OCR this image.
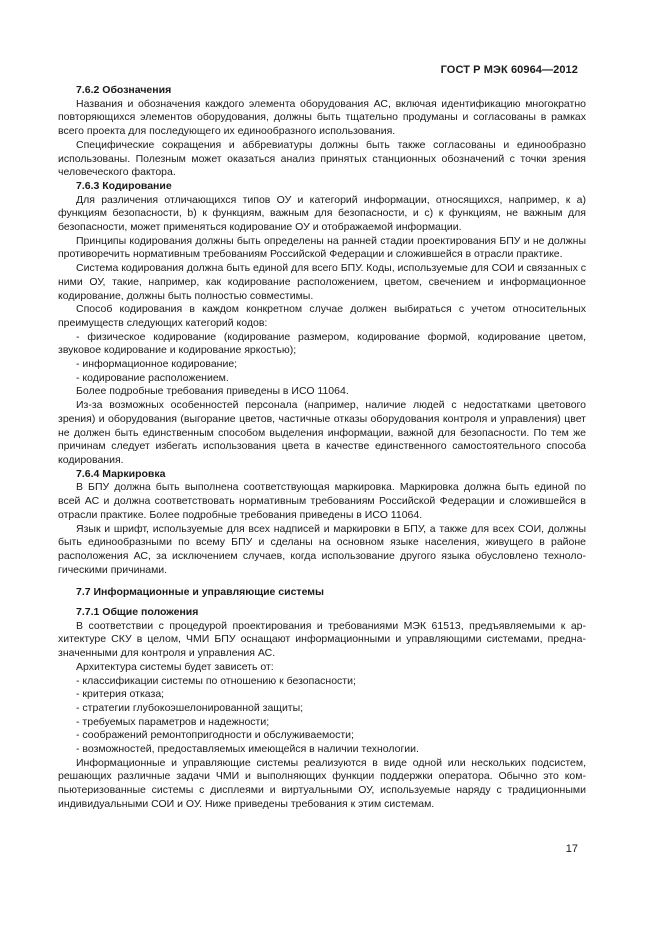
ГОСТ Р МЭК 60964—2012
7.6.2 Обозначения

Названия и обозначения каждого элемента оборудования АС, включая идентификацию многократно повторяющихся элементов оборудования, должны быть тщательно продуманы и согласованы в рамках всего проекта для последующего их единообразного использования.

Специфические сокращения и аббревиатуры должны быть также согласованы и единообразно использованы. Полезным может оказаться анализ принятых станционных обозначений с точки зрения человеческого фактора.

7.6.3 Кодирование

Для различения отличающихся типов ОУ и категорий информации, относящихся, например, к а) функциям безопасности, b) к функциям, важным для безопасности, и c) к функциям, не важным для безопасности, может применяться кодирование ОУ и отображаемой информации.

Принципы кодирования должны быть определены на ранней стадии проектирования БПУ и не должны противоречить нормативным требованиям Российской Федерации и сложившейся в отрасли практике.

Система кодирования должна быть единой для всего БПУ. Коды, используемые для СОИ и связанных с ними ОУ, такие, например, как кодирование расположением, цветом, свечением и информационное кодирование, должны быть полностью совместимы.

Способ кодирования в каждом конкретном случае должен выбираться с учетом относительных преимуществ следующих категорий кодов:

- физическое кодирование (кодирование размером, кодирование формой, кодирование цветом, звуковое кодирование и кодирование яркостью);

- информационное кодирование;

- кодирование расположением.

Более подробные требования приведены в ИСО 11064.

Из-за возможных особенностей персонала (например, наличие людей с недостатками цветового зрения) и оборудования (выгорание цветов, частичные отказы оборудования контроля и управления) цвет не должен быть единственным способом выделения информации, важной для безопасности. По тем же причинам следует избегать использования цвета в качестве единственного самостоятельного способа кодирования.

7.6.4 Маркировка

В БПУ должна быть выполнена соответствующая маркировка. Маркировка должна быть единой по всей АС и должна соответствовать нормативным требованиям Российской Федерации и сложившейся в отрасли практике. Более подробные требования приведены в ИСО 11064.

Язык и шрифт, используемые для всех надписей и маркировки в БПУ, а также для всех СОИ, должны быть единообразными по всему БПУ и сделаны на основном языке населения, живущего в районе расположения АС, за исключением случаев, когда использование другого языка обусловлено технологическими причинами.

7.7 Информационные и управляющие системы
7.7.1 Общие положения

В соответствии с процедурой проектирования и требованиями МЭК 61513, предъявляемыми к архитектуре СКУ в целом, ЧМИ БПУ оснащают информационными и управляющими системами, предназначенными для контроля и управления АС.

Архитектура системы будет зависеть от:

- классификации системы по отношению к безопасности;

- критерия отказа;

- стратегии глубокоэшелонированной защиты;

- требуемых параметров и надежности;

- соображений ремонтопригодности и обслуживаемости;

- возможностей, предоставляемых имеющейся в наличии технологии.

Информационные и управляющие системы реализуются в виде одной или нескольких подсистем, решающих различные задачи ЧМИ и выполняющих функции поддержки оператора. Обычно это компьютеризованные системы с дисплеями и виртуальными ОУ, используемые наряду с традиционными индивидуальными СОИ и ОУ. Ниже приведены требования к этим системам.

17
